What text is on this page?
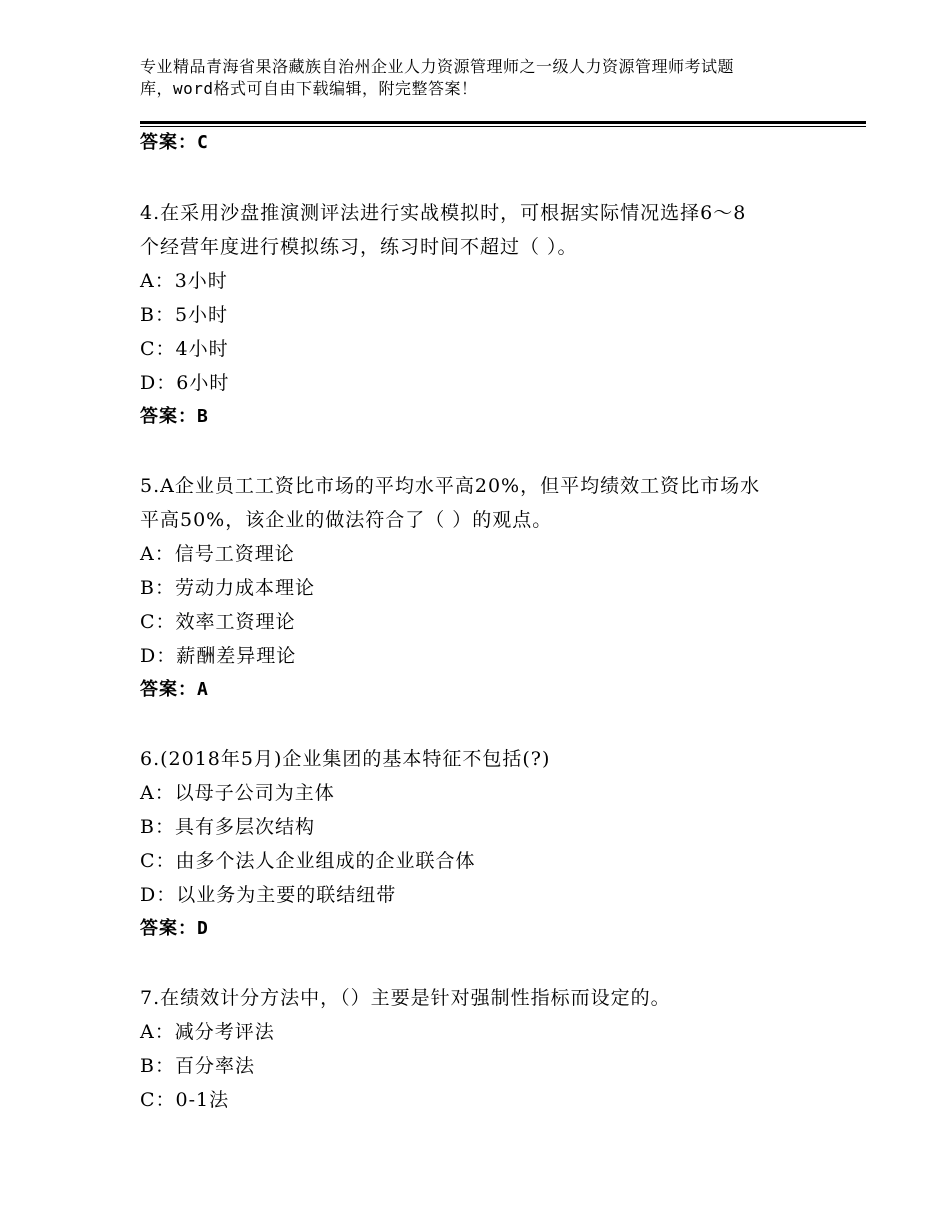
专业精品青海省果洛藏族自治州企业人力资源管理师之一级人力资源管理师考试题
库，word格式可自由下载编辑，附完整答案！
答案：C
4.在采用沙盘推演测评法进行实战模拟时，可根据实际情况选择6～8
个经营年度进行模拟练习，练习时间不超过（ ）。
A：3小时
B：5小时
C：4小时
D：6小时
答案：B
5.A企业员工工资比市场的平均水平高20%，但平均绩效工资比市场水
平高50%，该企业的做法符合了（ ）的观点。
A：信号工资理论
B：劳动力成本理论
C：效率工资理论
D：薪酬差异理论
答案：A
6.(2018年5月)企业集团的基本特征不包括(?)
A：以母子公司为主体
B：具有多层次结构
C：由多个法人企业组成的企业联合体
D：以业务为主要的联结纽带
答案：D
7.在绩效计分方法中，（）主要是针对强制性指标而设定的。
A：减分考评法
B：百分率法
C：0-1法
